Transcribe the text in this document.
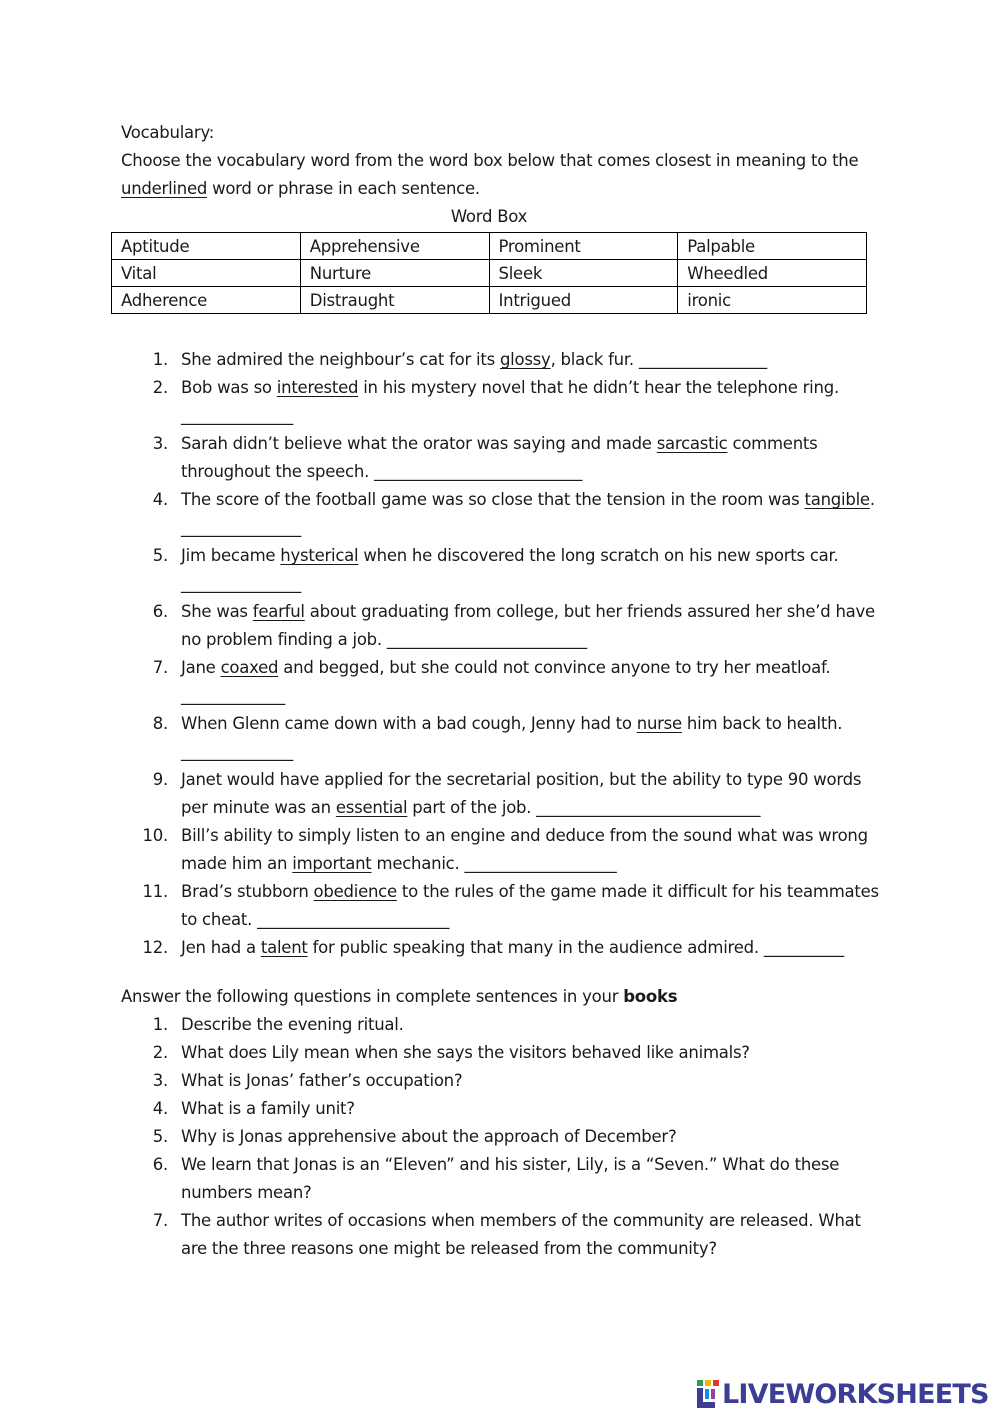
Vocabulary:
Choose the vocabulary word from the word box below that comes closest in meaning to the underlined word or phrase in each sentence.
Word Box
Aptitude	Apprehensive	Prominent	Palpable
Vital	Nurture	Sleek	Wheedled
Adherence	Distraught	Intrigued	ironic
1. She admired the neighbour’s cat for its glossy, black fur. ________________
2. Bob was so interested in his mystery novel that he didn’t hear the telephone ring.
______________
3. Sarah didn’t believe what the orator was saying and made sarcastic comments throughout the speech. __________________________
4. The score of the football game was so close that the tension in the room was tangible. _______________
5. Jim became hysterical when he discovered the long scratch on his new sports car.
_______________
6. She was fearful about graduating from college, but her friends assured her she’d have no problem finding a job. _________________________
7. Jane coaxed and begged, but she could not convince anyone to try her meatloaf.
_____________
8. When Glenn came down with a bad cough, Jenny had to nurse him back to health.
______________
9. Janet would have applied for the secretarial position, but the ability to type 90 words per minute was an essential part of the job. ____________________________
10. Bill’s ability to simply listen to an engine and deduce from the sound what was wrong made him an important mechanic. ___________________
11. Brad’s stubborn obedience to the rules of the game made it difficult for his teammates to cheat. ________________________
12. Jen had a talent for public speaking that many in the audience admired. __________
Answer the following questions in complete sentences in your books
1. Describe the evening ritual.
2. What does Lily mean when she says the visitors behaved like animals?
3. What is Jonas’ father’s occupation?
4. What is a family unit?
5. Why is Jonas apprehensive about the approach of December?
6. We learn that Jonas is an “Eleven” and his sister, Lily, is a “Seven.” What do these numbers mean?
7. The author writes of occasions when members of the community are released. What are the three reasons one might be released from the community?
LIVEWORKSHEETS
